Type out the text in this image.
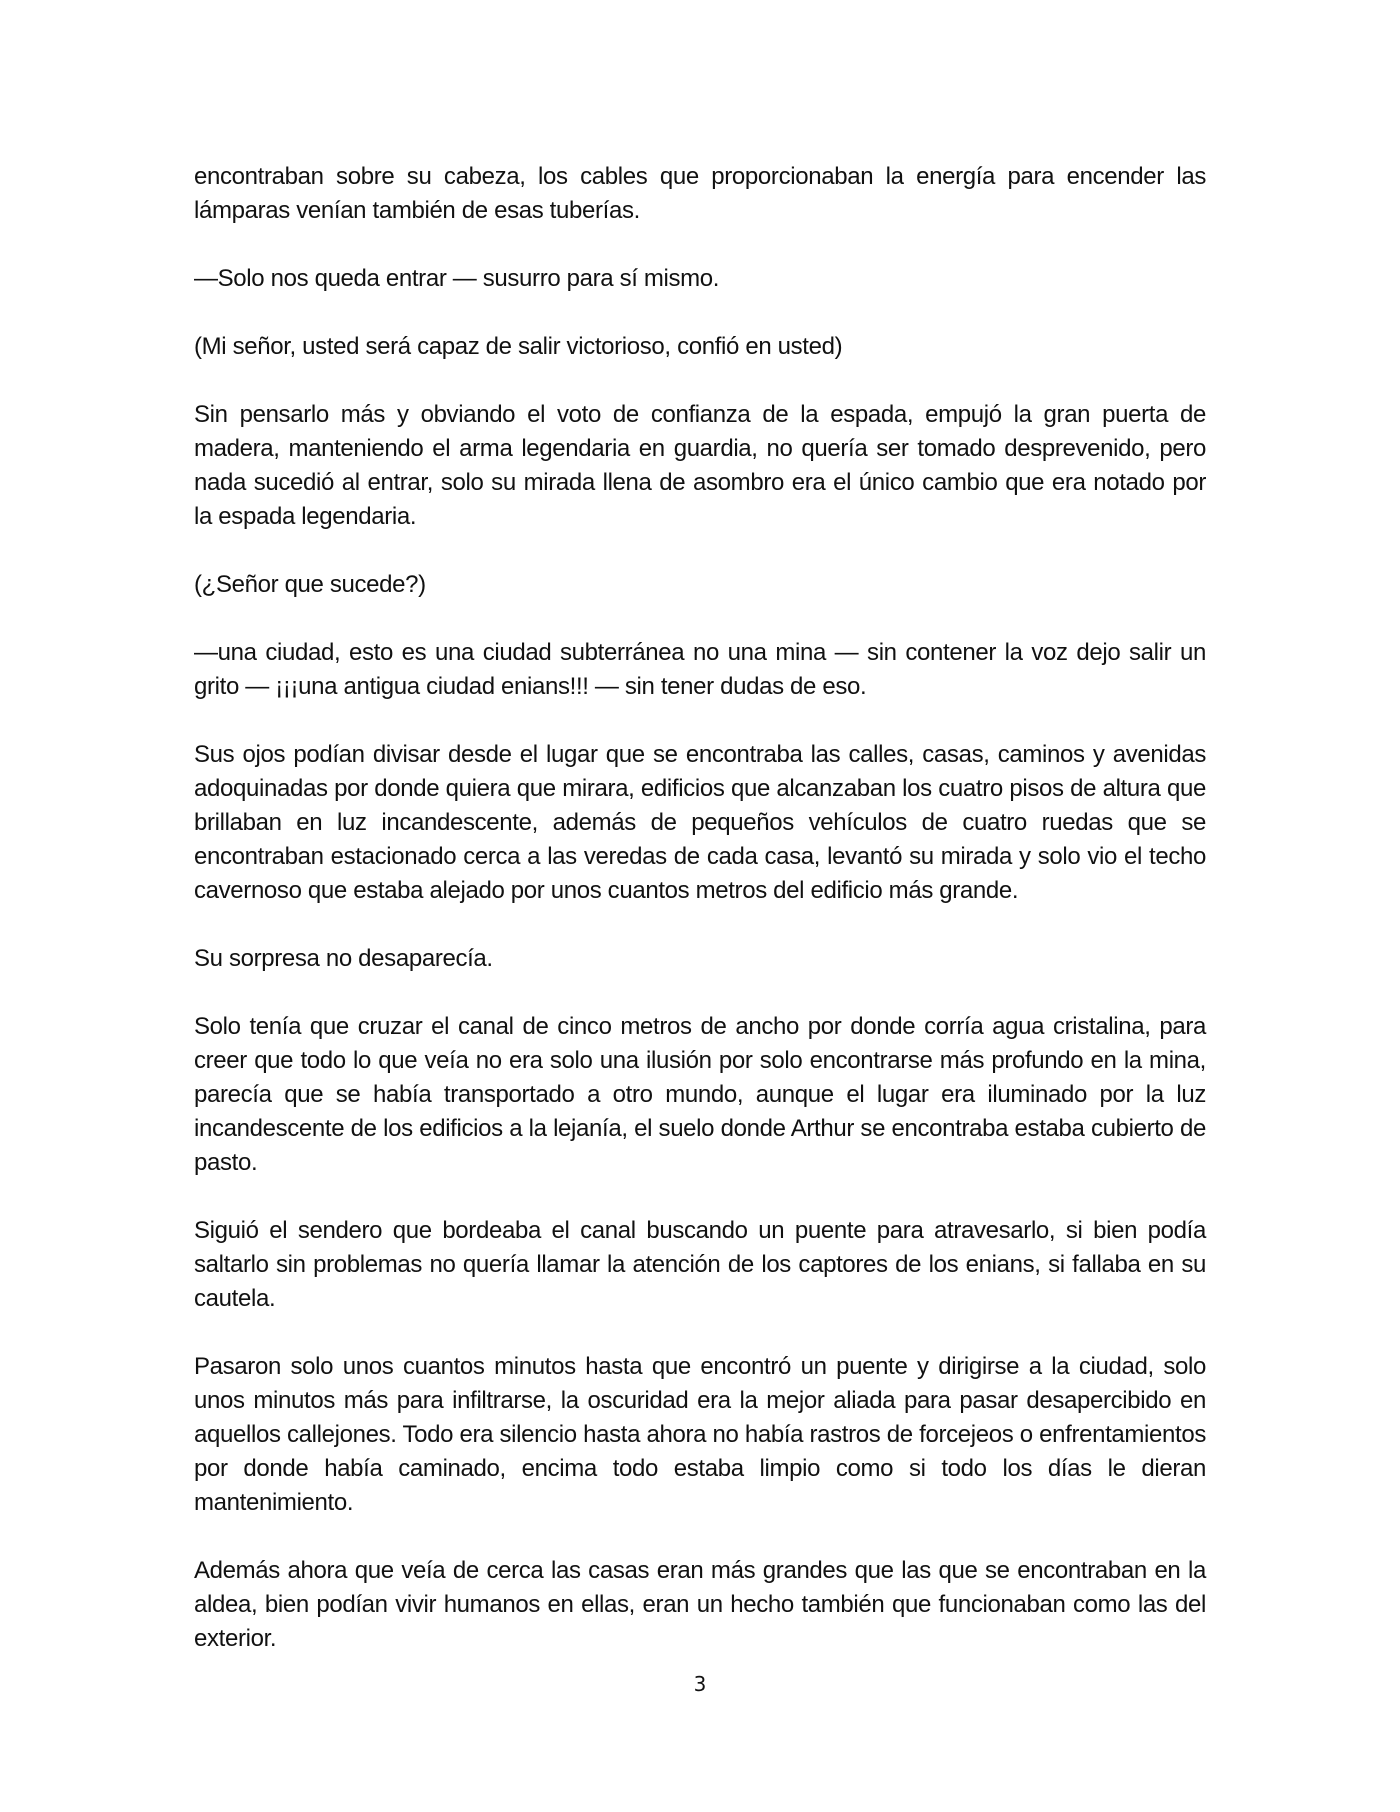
encontraban sobre su cabeza, los cables que proporcionaban la energía para encender las lámparas venían también de esas tuberías.

—Solo nos queda entrar — susurro para sí mismo.

(Mi señor, usted será capaz de salir victorioso, confió en usted)

Sin pensarlo más y obviando el voto de confianza de la espada, empujó la gran puerta de madera, manteniendo el arma legendaria en guardia, no quería ser tomado desprevenido, pero nada sucedió al entrar, solo su mirada llena de asombro era el único cambio que era notado por la espada legendaria.

(¿Señor que sucede?)

—una ciudad, esto es una ciudad subterránea no una mina — sin contener la voz dejo salir un grito — ¡¡¡una antigua ciudad enians!!! — sin tener dudas de eso.

Sus ojos podían divisar desde el lugar que se encontraba las calles, casas, caminos y avenidas adoquinadas por donde quiera que mirara, edificios que alcanzaban los cuatro pisos de altura que brillaban en luz incandescente, además de pequeños vehículos de cuatro ruedas que se encontraban estacionado cerca a las veredas de cada casa, levantó su mirada y solo vio el techo cavernoso que estaba alejado por unos cuantos metros del edificio más grande.

Su sorpresa no desaparecía.

Solo tenía que cruzar el canal de cinco metros de ancho por donde corría agua cristalina, para creer que todo lo que veía no era solo una ilusión por solo encontrarse más profundo en la mina, parecía que se había transportado a otro mundo, aunque el lugar era iluminado por la luz incandescente de los edificios a la lejanía, el suelo donde Arthur se encontraba estaba cubierto de pasto.

Siguió el sendero que bordeaba el canal buscando un puente para atravesarlo, si bien podía saltarlo sin problemas no quería llamar la atención de los captores de los enians, si fallaba en su cautela.

Pasaron solo unos cuantos minutos hasta que encontró un puente y dirigirse a la ciudad, solo unos minutos más para infiltrarse, la oscuridad era la mejor aliada para pasar desapercibido en aquellos callejones. Todo era silencio hasta ahora no había rastros de forcejeos o enfrentamientos por donde había caminado, encima todo estaba limpio como si todo los días le dieran mantenimiento.

Además ahora que veía de cerca las casas eran más grandes que las que se encontraban en la aldea, bien podían vivir humanos en ellas, eran un hecho también que funcionaban como las del exterior.

3
